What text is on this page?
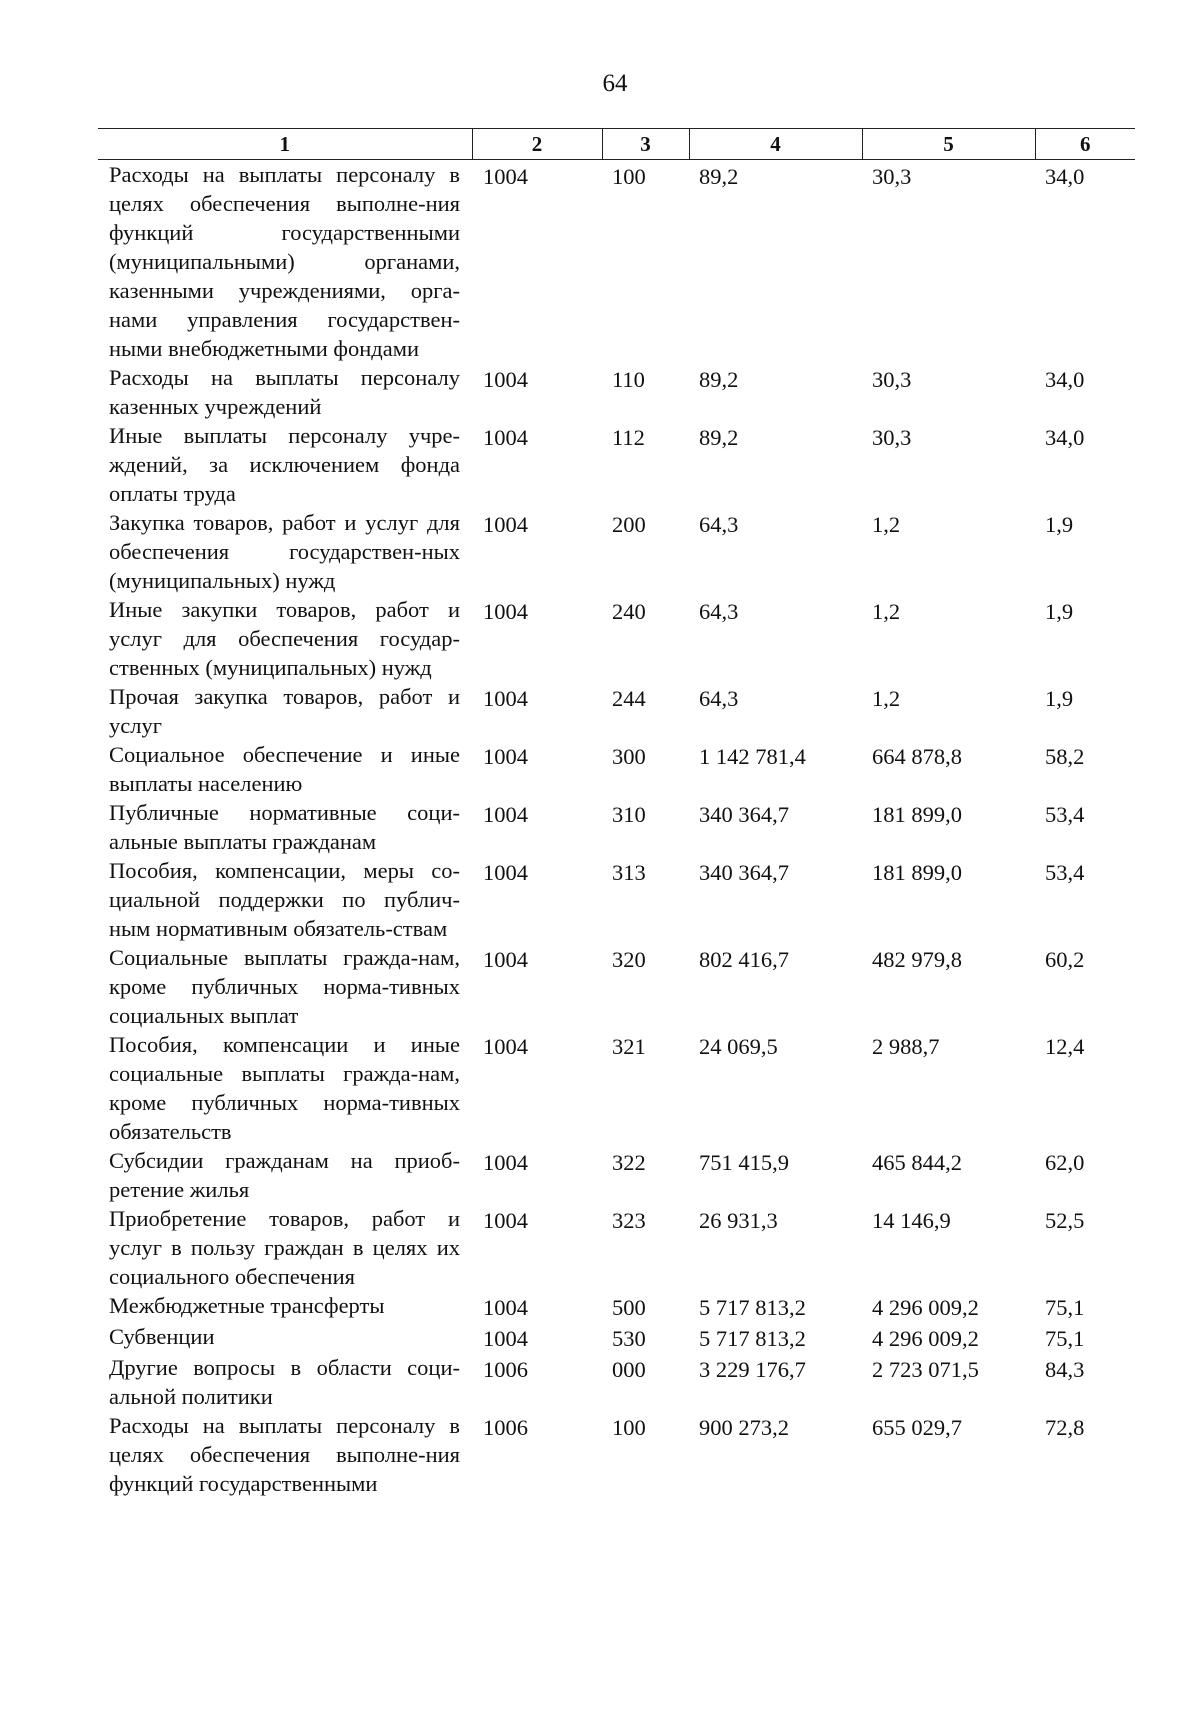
64
1	2	3	4	5	6
Расходы на выплаты персоналу в целях обеспечения выполне-ния функций государственными (муниципальными) органами, казенными учреждениями, орга-нами управления государствен-ными внебюджетными фондами	1004	100	89,2	30,3	34,0
Расходы на выплаты персоналу казенных учреждений	1004	110	89,2	30,3	34,0
Иные выплаты персоналу учре-ждений, за исключением фонда оплаты труда	1004	112	89,2	30,3	34,0
Закупка товаров, работ и услуг для обеспечения государствен-ных (муниципальных) нужд	1004	200	64,3	1,2	1,9
Иные закупки товаров, работ и услуг для обеспечения государ-ственных (муниципальных) нужд	1004	240	64,3	1,2	1,9
Прочая закупка товаров, работ и услуг	1004	244	64,3	1,2	1,9
Социальное обеспечение и иные выплаты населению	1004	300	1 142 781,4	664 878,8	58,2
Публичные нормативные соци-альные выплаты гражданам	1004	310	340 364,7	181 899,0	53,4
Пособия, компенсации, меры со-циальной поддержки по публич-ным нормативным обязатель-ствам	1004	313	340 364,7	181 899,0	53,4
Социальные выплаты гражда-нам, кроме публичных норма-тивных социальных выплат	1004	320	802 416,7	482 979,8	60,2
Пособия, компенсации и иные социальные выплаты гражда-нам, кроме публичных норма-тивных обязательств	1004	321	24 069,5	2 988,7	12,4
Субсидии гражданам на приоб-ретение жилья	1004	322	751 415,9	465 844,2	62,0
Приобретение товаров, работ и услуг в пользу граждан в целях их социального обеспечения	1004	323	26 931,3	14 146,9	52,5
Межбюджетные трансферты	1004	500	5 717 813,2	4 296 009,2	75,1
Субвенции	1004	530	5 717 813,2	4 296 009,2	75,1
Другие вопросы в области соци-альной политики	1006	000	3 229 176,7	2 723 071,5	84,3
Расходы на выплаты персоналу в целях обеспечения выполне-ния функций государственными	1006	100	900 273,2	655 029,7	72,8
